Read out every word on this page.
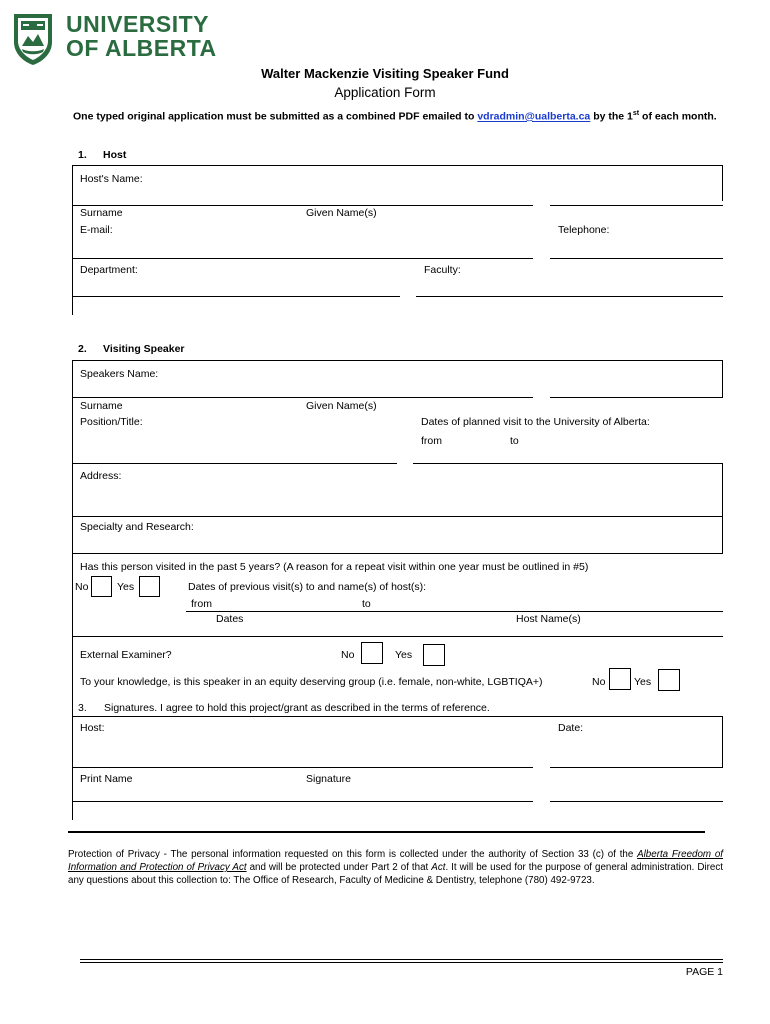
UNIVERSITY
OF ALBERTA
Walter Mackenzie Visiting Speaker Fund
Application Form
One typed original application must be submitted as a combined PDF emailed to vdradmin@ualberta.ca by the 1st of each month.
1. Host
Host's Name:
Surname	Given Name(s)
E-mail:	Telephone:
Department:	Faculty:
2. Visiting Speaker
Speakers Name:
Surname	Given Name(s)
Position/Title:	Dates of planned visit to the University of Alberta:
from	to
Address:
Specialty and Research:
Has this person visited in the past 5 years? (A reason for a repeat visit within one year must be outlined in #5)
No	Yes	Dates of previous visit(s) to and name(s) of host(s):
from	to
Dates	Host Name(s)
External Examiner?	No	Yes
To your knowledge, is this speaker in an equity deserving group (i.e. female, non-white, LGBTIQA+)	No	Yes
3. Signatures. I agree to hold this project/grant as described in the terms of reference.
Host:	Date:
Print Name	Signature
Protection of Privacy - The personal information requested on this form is collected under the authority of Section 33 (c) of the Alberta Freedom of Information and Protection of Privacy Act and will be protected under Part 2 of that Act. It will be used for the purpose of general administration. Direct any questions about this collection to: The Office of Research, Faculty of Medicine & Dentistry, telephone (780) 492-9723.
PAGE 1
